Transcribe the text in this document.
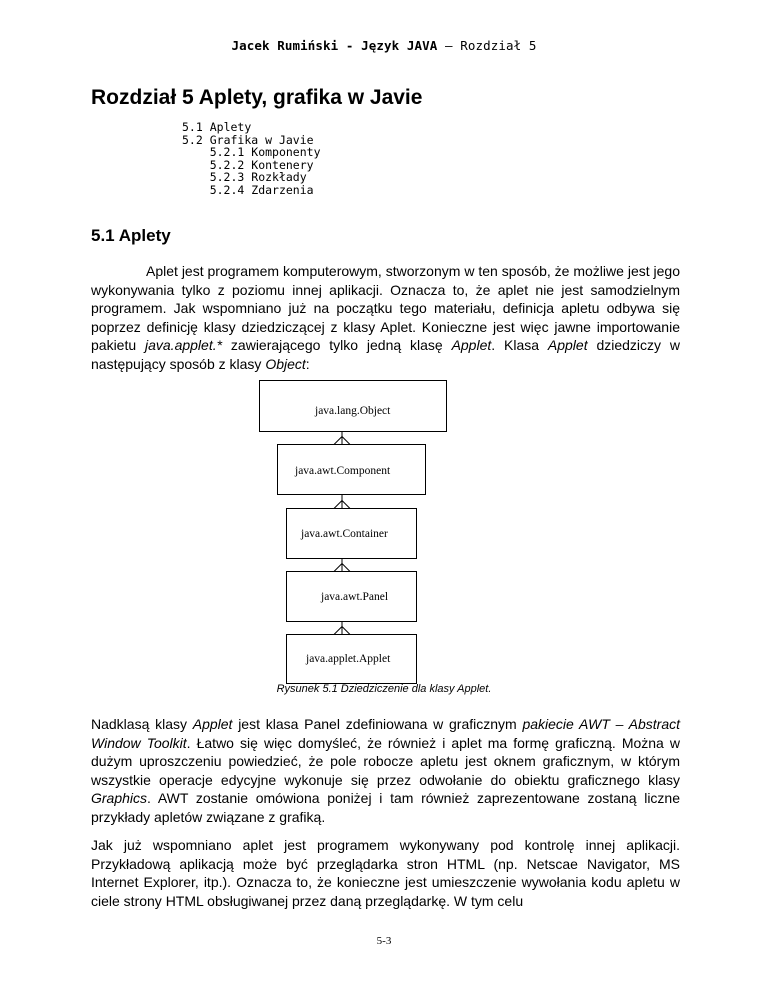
Jacek Rumiński - Język JAVA – Rozdział 5
Rozdział 5 Aplety, grafika w Javie
5.1 Aplety
5.2 Grafika w Javie
5.2.1 Komponenty
5.2.2 Kontenery
5.2.3 Rozkłady
5.2.4 Zdarzenia
5.1 Aplety

Aplet jest programem komputerowym, stworzonym w ten sposób, że możliwe jest jego wykonywania tylko z poziomu innej aplikacji. Oznacza to, że aplet nie jest samodzielnym programem. Jak wspomniano już na początku tego materiału, definicja apletu odbywa się poprzez definicję klasy dziedziczącej z klasy Aplet. Konieczne jest więc jawne importowanie pakietu java.applet.* zawierającego tylko jedną klasę Applet. Klasa Applet dziedziczy w następujący sposób z klasy Object:

java.lang.Object
java.awt.Component
java.awt.Container
java.awt.Panel
java.applet.Applet
Rysunek 5.1 Dziedziczenie dla klasy Applet.

Nadklasą klasy Applet jest klasa Panel zdefiniowana w graficznym pakiecie AWT – Abstract Window Toolkit. Łatwo się więc domyśleć, że również i aplet ma formę graficzną. Można w dużym uproszczeniu powiedzieć, że pole robocze apletu jest oknem graficznym, w którym wszystkie operacje edycyjne wykonuje się przez odwołanie do obiektu graficznego klasy Graphics. AWT zostanie omówiona poniżej i tam również zaprezentowane zostaną liczne przykłady apletów związane z grafiką.

Jak już wspomniano aplet jest programem wykonywany pod kontrolę innej aplikacji. Przykładową aplikacją może być przeglądarka stron HTML (np. Netscae Navigator, MS Internet Explorer, itp.). Oznacza to, że konieczne jest umieszczenie wywołania kodu apletu w ciele strony HTML obsługiwanej przez daną przeglądarkę. W tym celu

5-3
